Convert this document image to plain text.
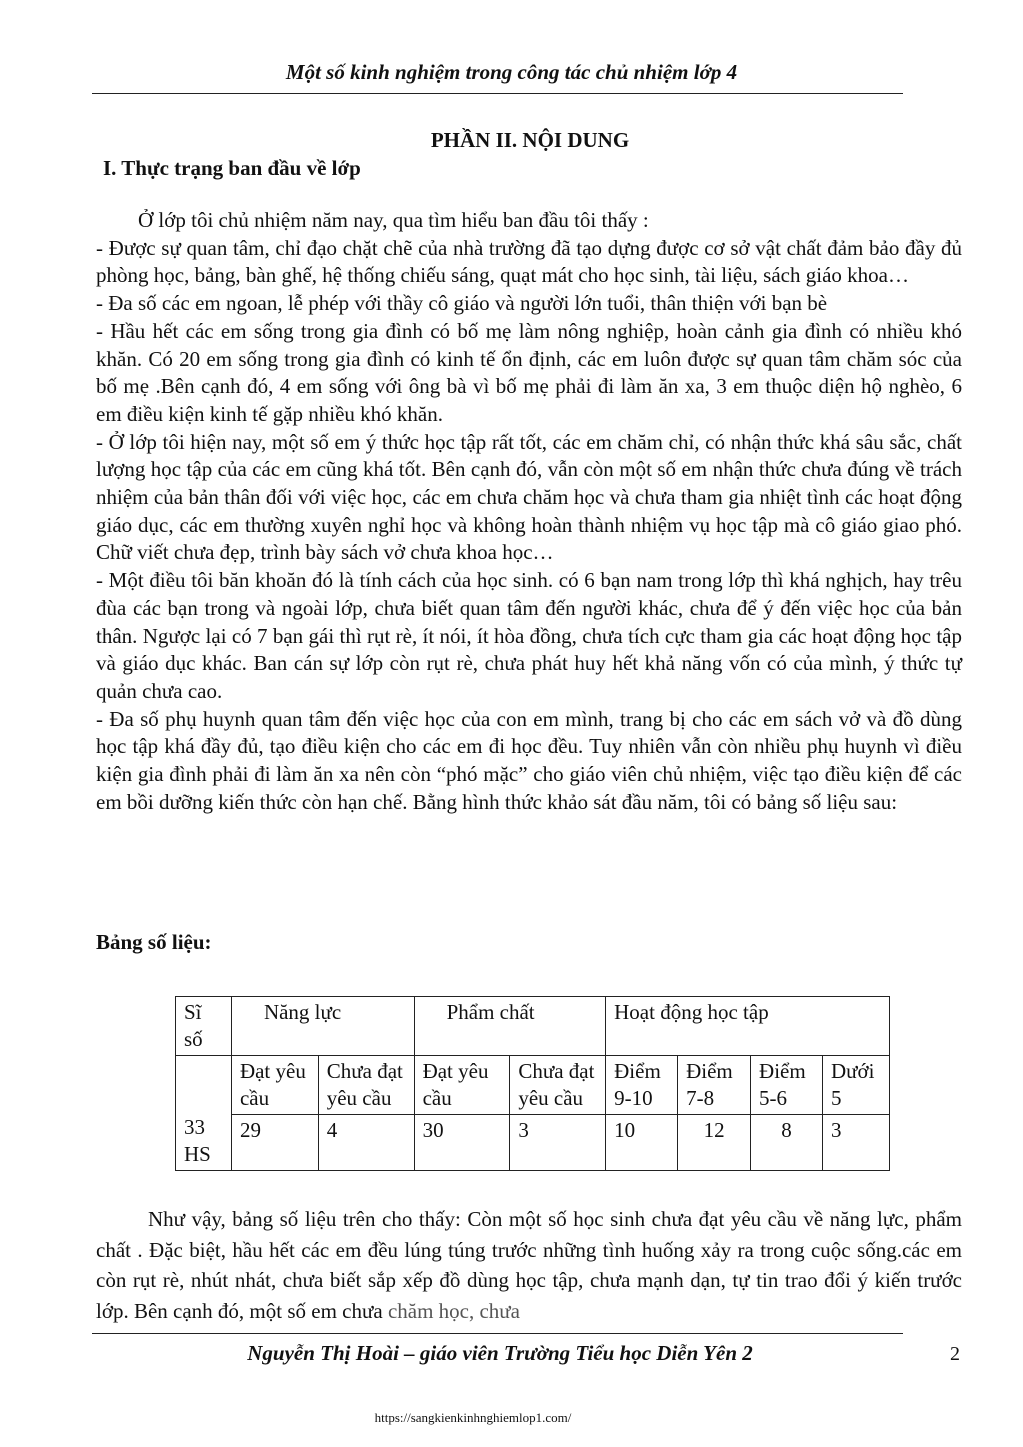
Một số kinh nghiệm trong công tác chủ nhiệm lớp 4
PHẦN II. NỘI DUNG
I. Thực trạng ban đầu về lớp

Ở lớp tôi chủ nhiệm năm nay, qua tìm hiểu ban đầu tôi thấy :

- Được sự quan tâm, chỉ đạo chặt chẽ của nhà trường đã tạo dựng được cơ sở vật chất đảm bảo đầy đủ phòng học, bảng, bàn ghế, hệ thống chiếu sáng, quạt mát cho học sinh, tài liệu, sách giáo khoa…

- Đa số các em ngoan, lễ phép với thầy cô giáo và người lớn tuổi, thân thiện với bạn bè

- Hầu hết các em sống trong gia đình có bố mẹ làm nông nghiệp, hoàn cảnh gia đình có nhiều khó khăn. Có 20 em sống trong gia đình có kinh tế ổn định, các em luôn được sự quan tâm chăm sóc của bố mẹ .Bên cạnh đó, 4 em sống với ông bà vì bố mẹ phải đi làm ăn xa, 3 em thuộc diện hộ nghèo, 6 em điều kiện kinh tế gặp nhiều khó khăn.

- Ở lớp tôi hiện nay, một số em ý thức học tập rất tốt, các em chăm chỉ, có nhận thức khá sâu sắc, chất lượng học tập của các em cũng khá tốt. Bên cạnh đó, vẫn còn một số em nhận thức chưa đúng về trách nhiệm của bản thân đối với việc học, các em chưa chăm học và chưa tham gia nhiệt tình các hoạt động giáo dục, các em thường xuyên nghỉ học và không hoàn thành nhiệm vụ học tập mà cô giáo giao phó. Chữ viết chưa đẹp, trình bày sách vở chưa khoa học…

- Một điều tôi băn khoăn đó là tính cách của học sinh. có 6 bạn nam trong lớp thì khá nghịch, hay trêu đùa các bạn trong và ngoài lớp, chưa biết quan tâm đến người khác, chưa để ý đến việc học của bản thân. Ngược lại có 7 bạn gái thì rụt rè, ít nói, ít hòa đồng, chưa tích cực tham gia các hoạt động học tập và giáo dục khác. Ban cán sự lớp còn rụt rè, chưa phát huy hết khả năng vốn có của mình, ý thức tự quản chưa cao.

- Đa số phụ huynh quan tâm đến việc học của con em mình, trang bị cho các em sách vở và đồ dùng học tập khá đầy đủ, tạo điều kiện cho các em đi học đều. Tuy nhiên vẫn còn nhiều phụ huynh vì điều kiện gia đình phải đi làm ăn xa nên còn “phó mặc” cho giáo viên chủ nhiệm, việc tạo điều kiện để các em bồi dưỡng kiến thức còn hạn chế. Bằng hình thức khảo sát đầu năm, tôi có bảng số liệu sau:

Bảng số liệu:
Sĩ số	Năng lực		Phẩm chất		Hoạt động học tập			
33 HS	Đạt yêu cầu	Chưa đạt yêu cầu	Đạt yêu cầu	Chưa đạt yêu cầu	Điểm 9-10	Điểm 7-8	Điểm 5-6	Dưới 5
	29	4	30	3	10	12	8	3

Như vậy, bảng số liệu trên cho thấy: Còn một số học sinh chưa đạt yêu cầu về năng lực, phẩm chất . Đặc biệt, hầu hết các em đều lúng túng trước những tình huống xảy ra trong cuộc sống.các em còn rụt rè, nhút nhát, chưa biết sắp xếp đồ dùng học tập, chưa mạnh dạn, tự tin trao đổi ý kiến trước lớp. Bên cạnh đó, một số em chưa chăm học, chưa

Nguyễn Thị Hoài – giáo viên Trường Tiểu học Diễn Yên 2	2
https://sangkienkinhnghiemlop1.com/
